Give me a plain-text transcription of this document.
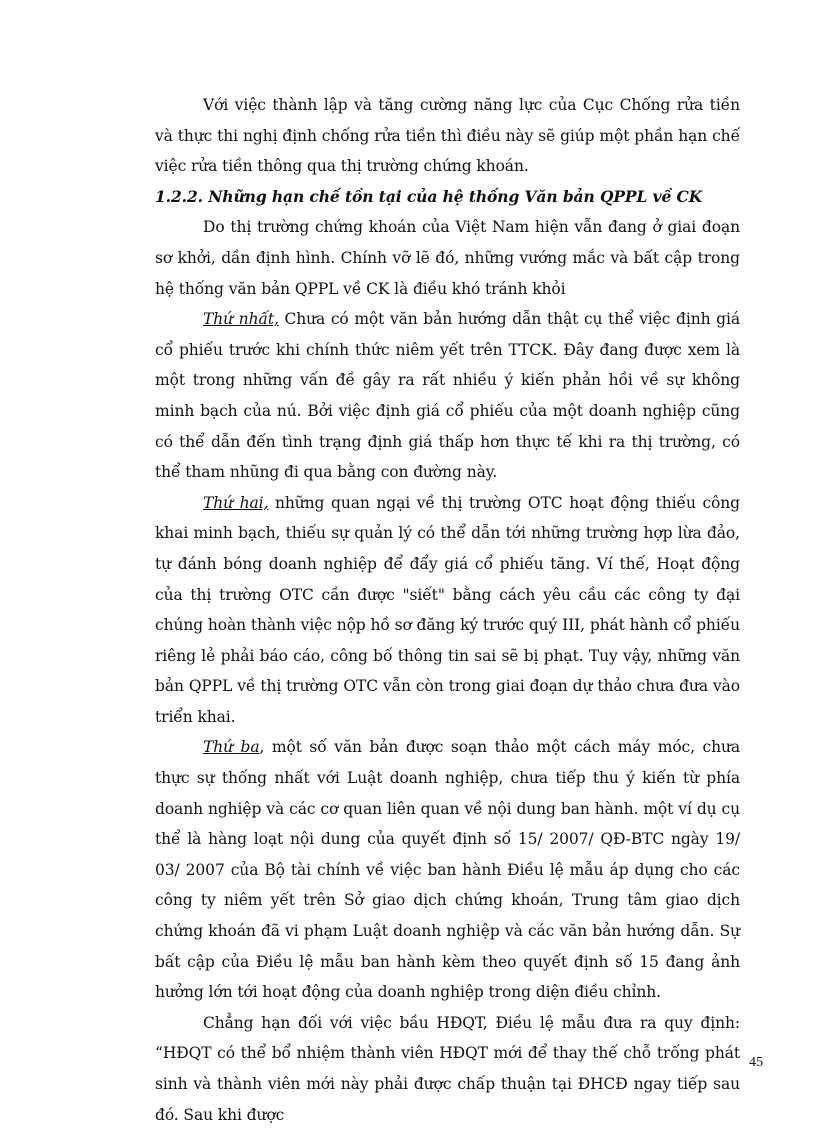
Với việc thành lập và tăng cường năng lực của Cục Chống rửa tiền và thực thi nghị định chống rửa tiền thì điều này sẽ giúp một phần hạn chế việc rửa tiền thông qua thị trường chứng khoán.

1.2.2. Những hạn chế tồn tại của hệ thống Văn bản QPPL về CK

Do thị trường chứng khoán của Việt Nam hiện vẫn đang ở giai đoạn sơ khởi, dần định hình. Chính vỡ lẽ đó, những vướng mắc và bất cập trong hệ thống văn bản QPPL về CK là điều khó tránh khỏi

Thứ nhất, Chưa có một văn bản hướng dẫn thật cụ thể việc định giá cổ phiếu trước khi chính thức niêm yết trên TTCK. Đây đang được xem là một trong những vấn đề gây ra rất nhiều ý kiến phản hồi về sự không minh bạch của nú. Bởi việc định giá cổ phiếu của một doanh nghiệp cũng có thể dẫn đến tình trạng định giá thấp hơn thực tế khi ra thị trường, có thể tham nhũng đi qua bằng con đường này.

Thứ hai, những quan ngại về thị trường OTC hoạt động thiếu công khai minh bạch, thiếu sự quản lý có thể dẫn tới những trường hợp lừa đảo, tự đánh bóng doanh nghiệp để đẩy giá cổ phiếu tăng. Ví thế, Hoạt động của thị trường OTC cần được "siết" bằng cách yêu cầu các công ty đại chúng hoàn thành việc nộp hồ sơ đăng ký trước quý III, phát hành cổ phiếu riêng lẻ phải báo cáo, công bố thông tin sai sẽ bị phạt. Tuy vậy, những văn bản QPPL về thị trường OTC vẫn còn trong giai đoạn dự thảo chưa đưa vào triển khai.

Thứ ba, một số văn bản được soạn thảo một cách máy móc, chưa thực sự thống nhất với Luật doanh nghiệp, chưa tiếp thu ý kiến từ phía doanh nghiệp và các cơ quan liên quan về nội dung ban hành. một ví dụ cụ thể là hàng loạt nội dung của quyết định số 15/ 2007/ QĐ-BTC ngày 19/ 03/ 2007 của Bộ tài chính về việc ban hành Điều lệ mẫu áp dụng cho các công ty niêm yết trên Sở giao dịch chứng khoán, Trung tâm giao dịch chứng khoán đã vi phạm Luật doanh nghiệp và các văn bản hướng dẫn. Sự bất cập của Điều lệ mẫu ban hành kèm theo quyết định số 15 đang ảnh hưởng lớn tới hoạt động của doanh nghiệp trong diện điều chỉnh.

Chẳng hạn đối với việc bầu HĐQT, Điều lệ mẫu đưa ra quy định: “HĐQT có thể bổ nhiệm thành viên HĐQT mới để thay thế chỗ trống phát sinh và thành viên mới này phải được chấp thuận tại ĐHCĐ ngay tiếp sau đó. Sau khi được

45
